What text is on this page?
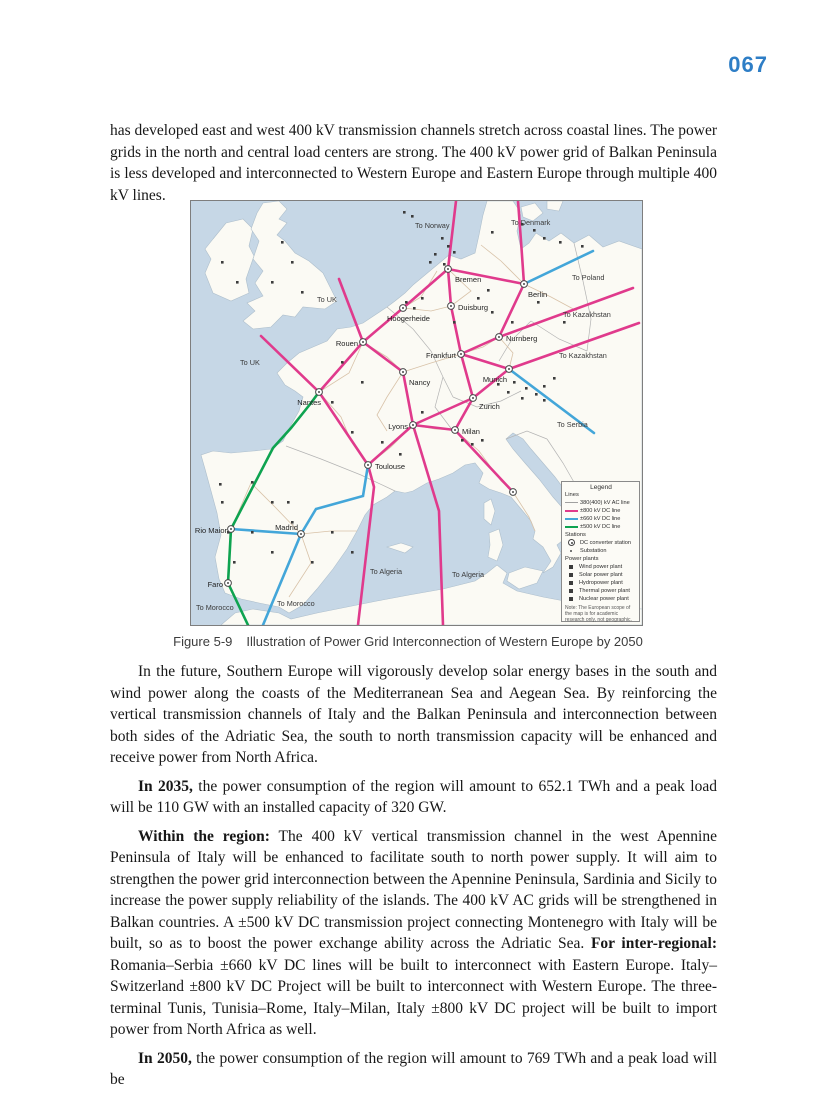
067

has developed east and west 400 kV transmission channels stretch across coastal lines. The power grids in the north and central load centers are strong. The 400 kV power grid of Balkan Peninsula is less developed and interconnected to Western Europe and Eastern Europe through multiple 400 kV lines.

Bremen
Berlin
Duisburg
Hoogerheide
Rouen
Nancy
Frankfurt
Nurnberg
Munich
Zurich
Lyons
Milan
Toulouse
Nantes
Madrid
Rio Maior
Faro
To Norway	To Denmark
To Poland
To Kazakhstan
To Kazakhstan
To Serbia
To UK
To UK
To Algeria	To Algeria
To Morocco	To Morocco
Legend
Lines
380(400) kV AC line
±800 kV DC line
±660 kV DC line
±500 kV DC line
Stations
DC converter station
Substation
Power plants
Wind power plant
Solar power plant
Hydropower plant
Thermal power plant
Nuclear power plant
Note: The European scope of the map is for academic research only, not geographic.
Figure 5-9 Illustration of Power Grid Interconnection of Western Europe by 2050

In the future, Southern Europe will vigorously develop solar energy bases in the south and wind power along the coasts of the Mediterranean Sea and Aegean Sea. By reinforcing the vertical transmission channels of Italy and the Balkan Peninsula and interconnection between both sides of the Adriatic Sea, the south to north transmission capacity will be enhanced and receive power from North Africa.

In 2035, the power consumption of the region will amount to 652.1 TWh and a peak load will be 110 GW with an installed capacity of 320 GW.

Within the region: The 400 kV vertical transmission channel in the west Apennine Peninsula of Italy will be enhanced to facilitate south to north power supply. It will aim to strengthen the power grid interconnection between the Apennine Peninsula, Sardinia and Sicily to increase the power supply reliability of the islands. The 400 kV AC grids will be strengthened in Balkan countries. A ±500 kV DC transmission project connecting Montenegro with Italy will be built, so as to boost the power exchange ability across the Adriatic Sea. For inter-regional: Romania–Serbia ±660 kV DC lines will be built to interconnect with Eastern Europe. Italy–Switzerland ±800 kV DC Project will be built to interconnect with Western Europe. The three-terminal Tunis, Tunisia–Rome, Italy–Milan, Italy ±800 kV DC project will be built to import power from North Africa as well.

In 2050, the power consumption of the region will amount to 769 TWh and a peak load will be
